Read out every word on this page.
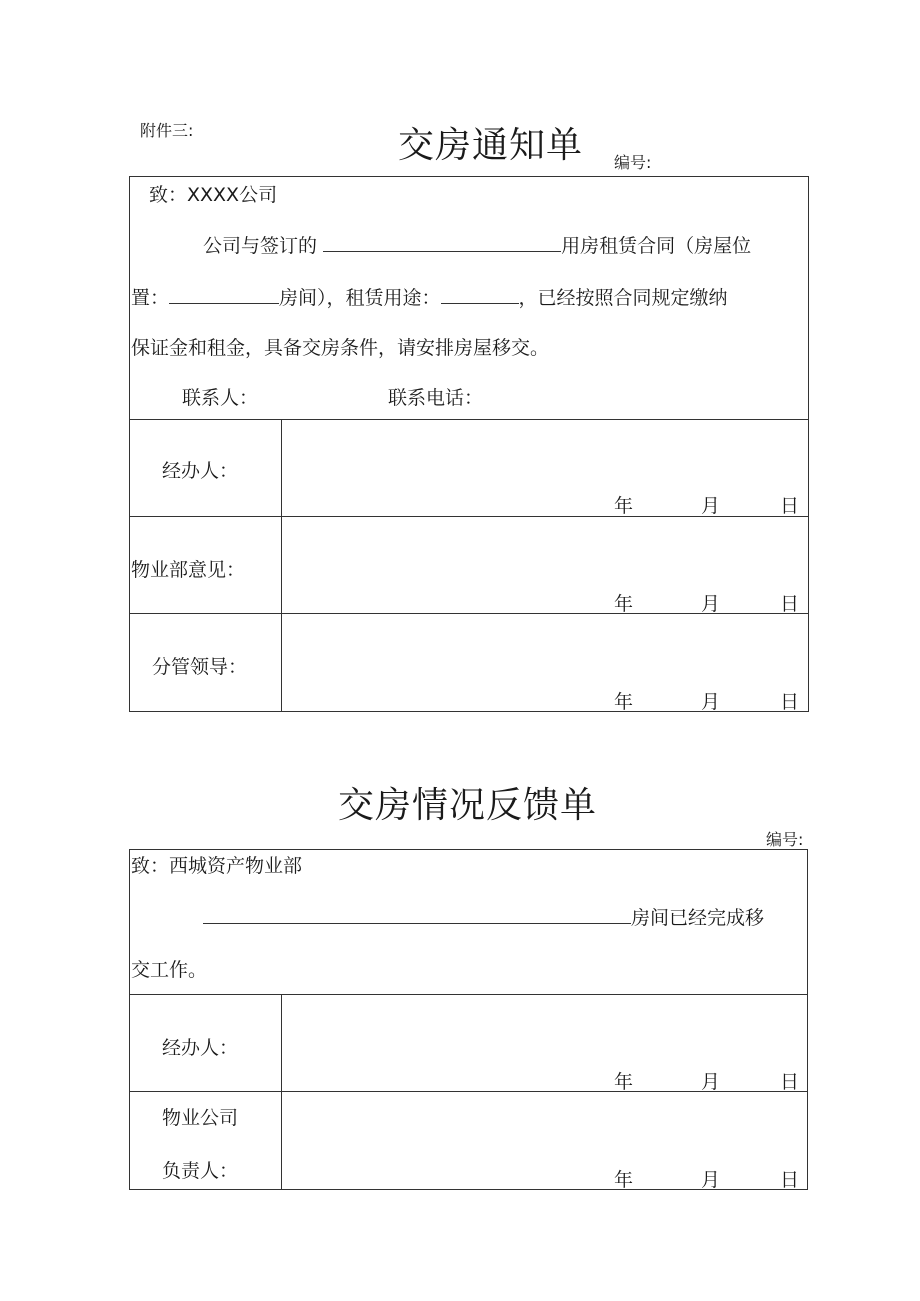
附件三:	交房通知单 编号:
致：XXXX公司
公司与签订的	用房租赁合同（房屋位
置：	房间），租赁用途：	，已经按照合同规定缴纳
保证金和租金，具备交房条件，请安排房屋移交。
联系人：	联系电话：
经办人：
年	月	日
物业部意见：
年	月	日
分管领导：
年	月	日
交房情况反馈单
编号:
致：西城资产物业部
房间已经完成移
交工作。
经办人：
年	月	日
物业公司
负责人：	年	月	日
